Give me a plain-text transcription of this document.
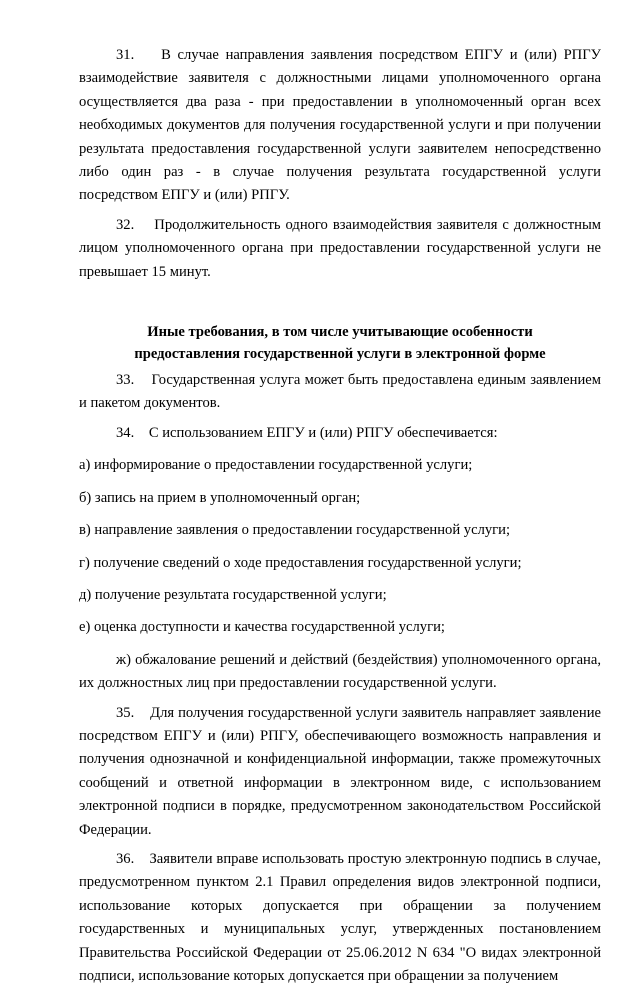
31.    В случае направления заявления посредством ЕПГУ и (или) РПГУ взаимодействие заявителя с должностными лицами уполномоченного органа осуществляется два раза - при предоставлении в уполномоченный орган всех необходимых документов для получения государственной услуги и при получении результата предоставления государственной услуги заявителем непосредственно либо один раз - в случае получения результата государственной услуги посредством ЕПГУ и (или) РПГУ.

32.    Продолжительность одного взаимодействия заявителя с должностным лицом уполномоченного органа при предоставлении государственной услуги не превышает 15 минут.

Иные требования, в том числе учитывающие особенности
предоставления государственной услуги в электронной форме

33.    Государственная услуга может быть предоставлена единым заявлением и пакетом документов.

34.    С использованием ЕПГУ и (или) РПГУ обеспечивается:

а) информирование о предоставлении государственной услуги;

б) запись на прием в уполномоченный орган;

в) направление заявления о предоставлении государственной услуги;

г) получение сведений о ходе предоставления государственной услуги;

д) получение результата государственной услуги;

е) оценка доступности и качества государственной услуги;

ж) обжалование решений и действий (бездействия) уполномоченного органа, их должностных лиц при предоставлении государственной услуги.

35.    Для получения государственной услуги заявитель направляет заявление посредством ЕПГУ и (или) РПГУ, обеспечивающего возможность направления и получения однозначной и конфиденциальной информации, также промежуточных сообщений и ответной информации в электронном виде, с использованием электронной подписи в порядке, предусмотренном законодательством Российской Федерации.

36.    Заявители вправе использовать простую электронную подпись в случае, предусмотренном пунктом 2.1 Правил определения видов электронной подписи, использование которых допускается при обращении за получением государственных и муниципальных услуг, утвержденных постановлением Правительства Российской Федерации от 25.06.2012 N 634 "О видах электронной подписи, использование которых допускается при обращении за получением
